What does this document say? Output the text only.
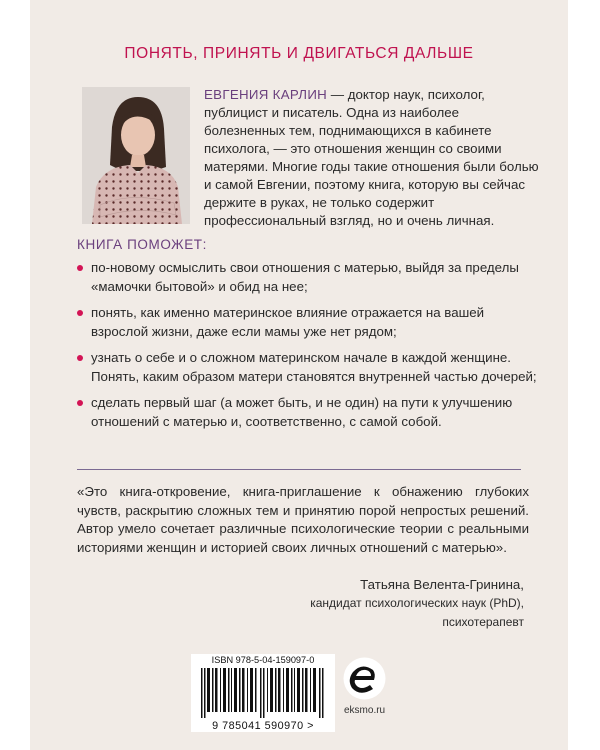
ПОНЯТЬ, ПРИНЯТЬ И ДВИГАТЬСЯ ДАЛЬШЕ
ЕВГЕНИЯ КАРЛИН — доктор наук, психолог, публицист и писатель. Одна из наиболее болезненных тем, поднимающихся в кабинете психолога, — это отношения женщин со своими матерями. Многие годы такие отношения были болью и самой Евгении, поэтому книга, которую вы сейчас держите в руках, не только содержит профессиональный взгляд, но и очень личная.
КНИГА ПОМОЖЕТ:
по-новому осмыслить свои отношения с матерью, выйдя за пределы «мамочки бытовой» и обид на нее;
понять, как именно материнское влияние отражается на вашей взрослой жизни, даже если мамы уже нет рядом;
узнать о себе и о сложном материнском начале в каждой женщине. Понять, каким образом матери становятся внутренней частью дочерей;
сделать первый шаг (а может быть, и не один) на пути к улучшению отношений с матерью и, соответственно, с самой собой.
«Это книга-откровение, книга-приглашение к обнажению глубоких чувств, раскрытию сложных тем и принятию порой непростых решений. Автор умело сочетает различные психологические теории с реальными историями женщин и историей своих личных отношений с матерью».
Татьяна Велента-Гринина,
кандидат психологических наук (PhD),
психотерапевт
ISBN 978-5-04-159097-0
9 785041 590970 >
eksmo.ru
